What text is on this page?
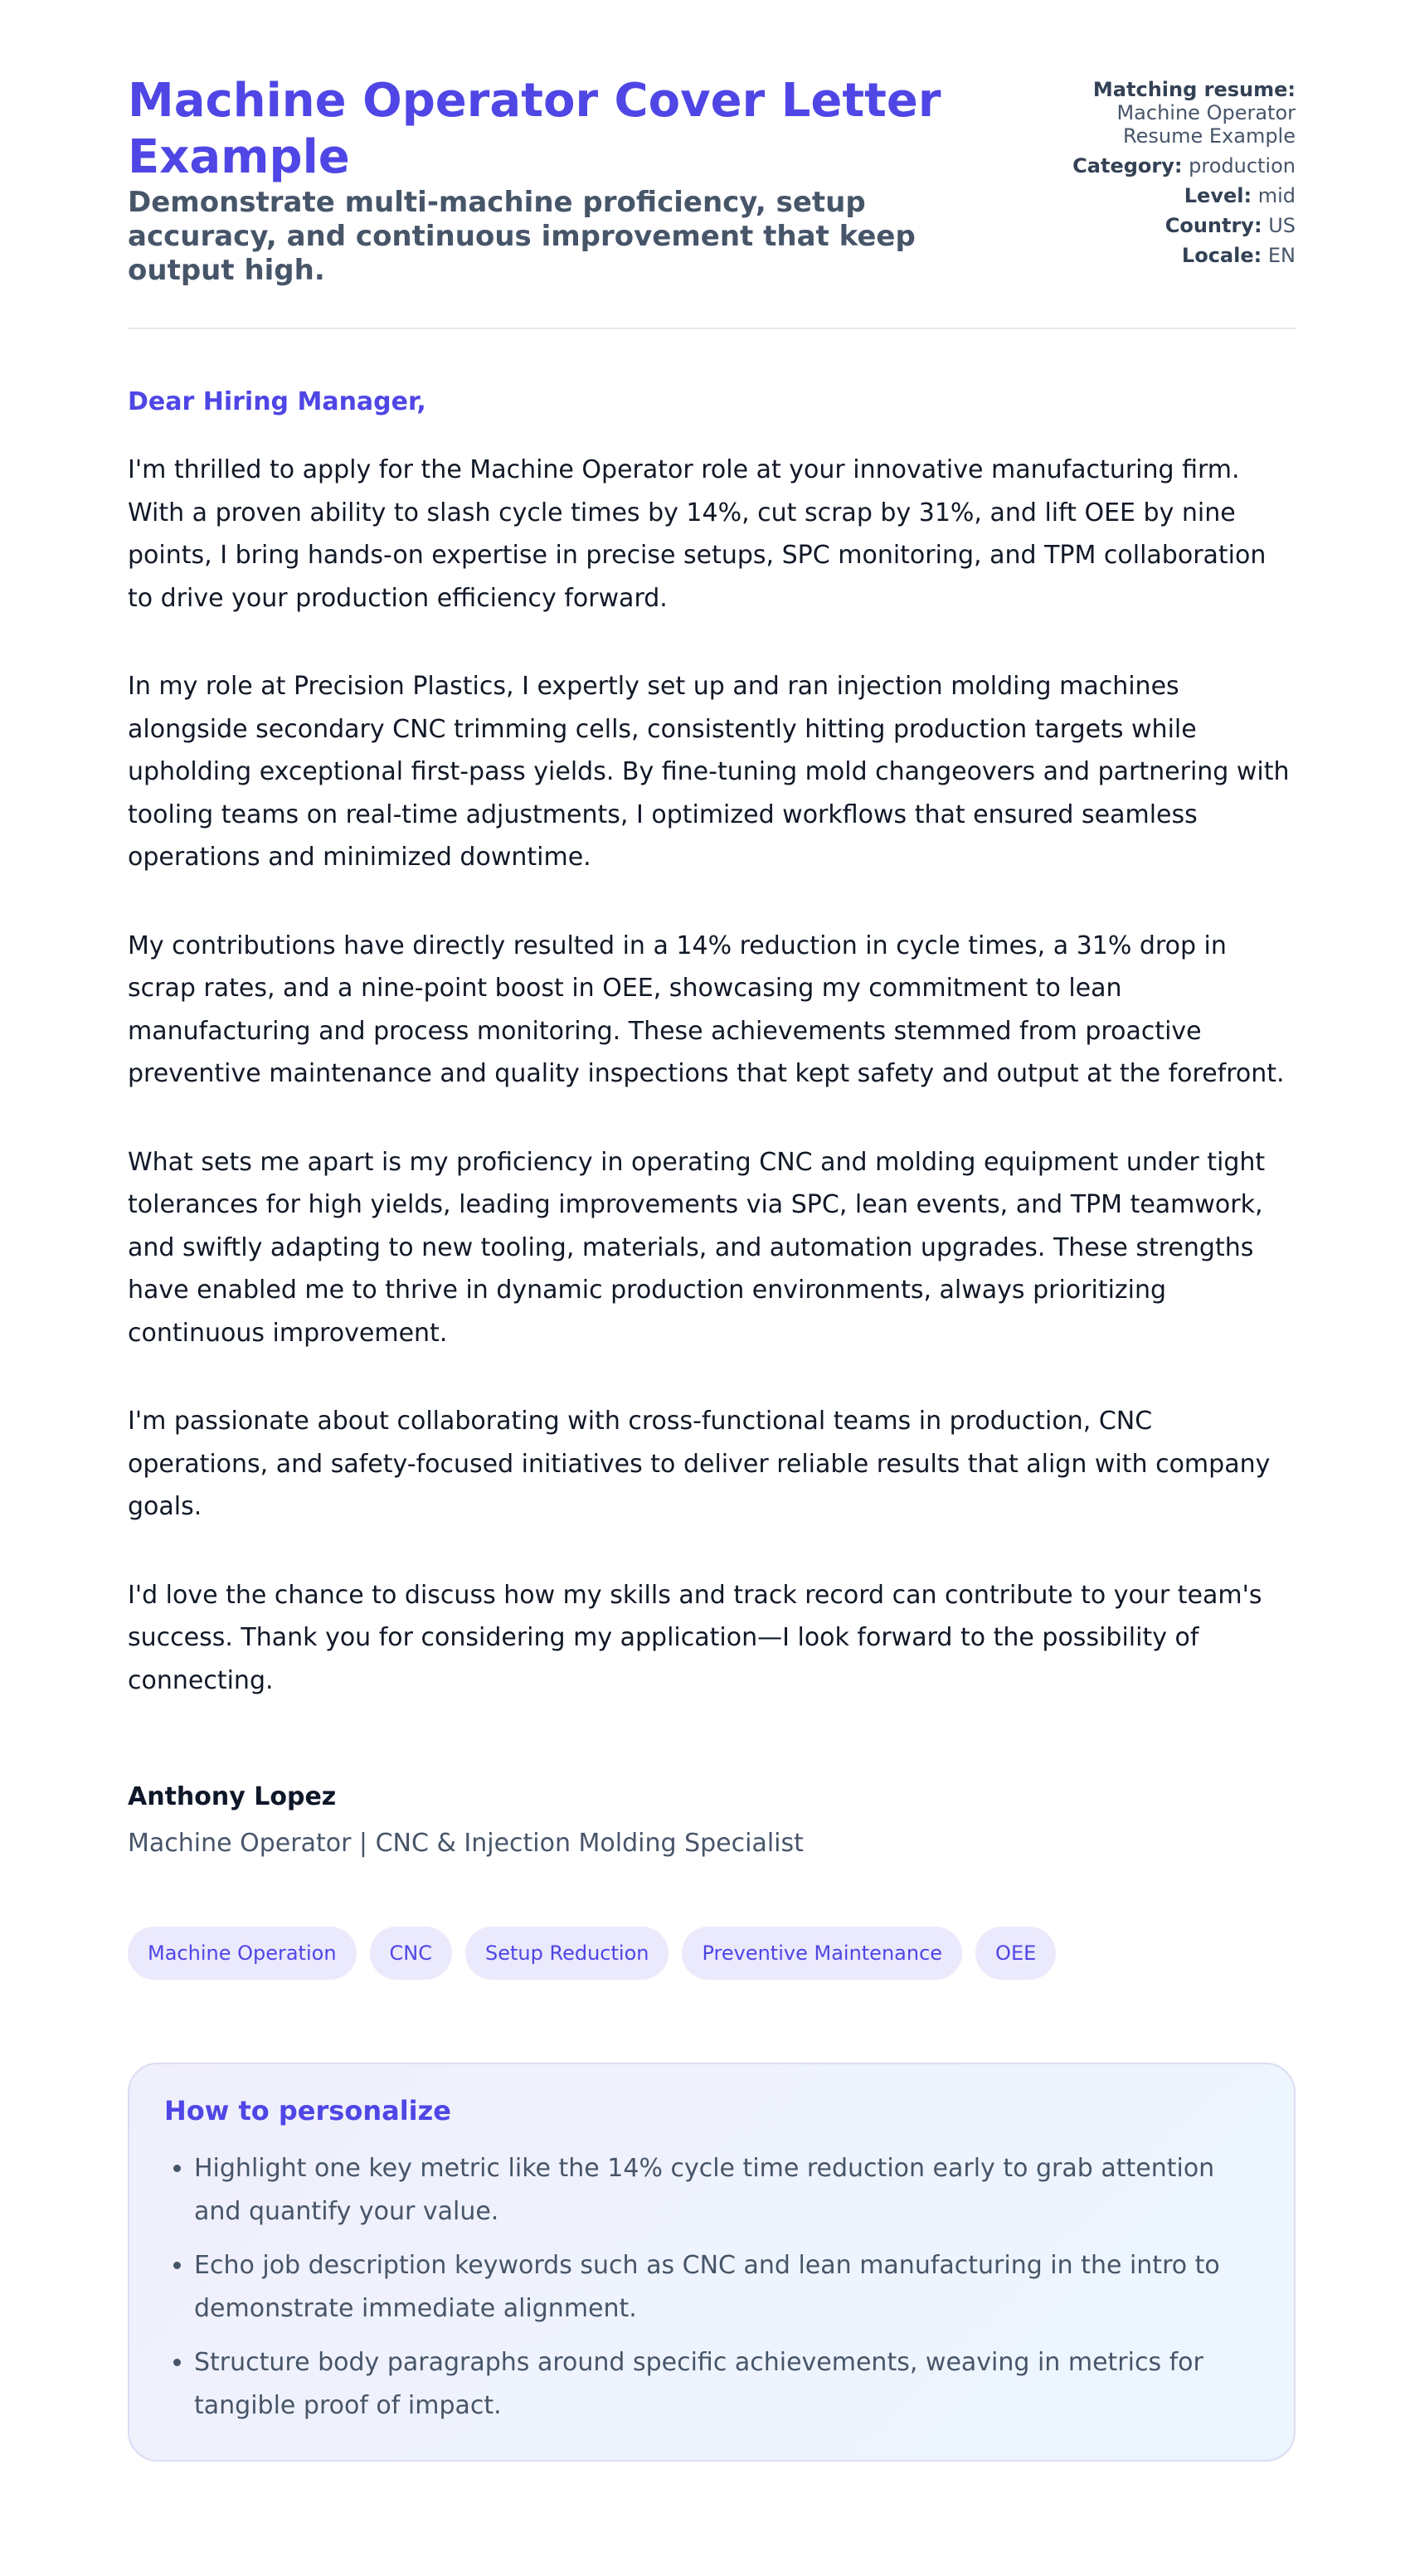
Machine Operator Cover Letter Example
Demonstrate multi-machine proficiency, setup accuracy, and continuous improvement that keep output high.
Matching resume:
Machine Operator Resume Example
Category: production
Level: mid
Country: US
Locale: EN

Dear Hiring Manager,

I'm thrilled to apply for the Machine Operator role at your innovative manufacturing firm. With a proven ability to slash cycle times by 14%, cut scrap by 31%, and lift OEE by nine points, I bring hands-on expertise in precise setups, SPC monitoring, and TPM collaboration to drive your production efficiency forward.

In my role at Precision Plastics, I expertly set up and ran injection molding machines alongside secondary CNC trimming cells, consistently hitting production targets while upholding exceptional first-pass yields. By fine-tuning mold changeovers and partnering with tooling teams on real-time adjustments, I optimized workflows that ensured seamless operations and minimized downtime.

My contributions have directly resulted in a 14% reduction in cycle times, a 31% drop in scrap rates, and a nine-point boost in OEE, showcasing my commitment to lean manufacturing and process monitoring. These achievements stemmed from proactive preventive maintenance and quality inspections that kept safety and output at the forefront.

What sets me apart is my proficiency in operating CNC and molding equipment under tight tolerances for high yields, leading improvements via SPC, lean events, and TPM teamwork, and swiftly adapting to new tooling, materials, and automation upgrades. These strengths have enabled me to thrive in dynamic production environments, always prioritizing continuous improvement.

I'm passionate about collaborating with cross-functional teams in production, CNC operations, and safety-focused initiatives to deliver reliable results that align with company goals.

I'd love the chance to discuss how my skills and track record can contribute to your team's success. Thank you for considering my application—I look forward to the possibility of connecting.

Anthony Lopez

Machine Operator | CNC & Injection Molding Specialist

Machine Operation	CNC	Setup Reduction	Preventive Maintenance	OEE
How to personalize
• Highlight one key metric like the 14% cycle time reduction early to grab attention and quantify your value.
• Echo job description keywords such as CNC and lean manufacturing in the intro to demonstrate immediate alignment.
• Structure body paragraphs around specific achievements, weaving in metrics for tangible proof of impact.
